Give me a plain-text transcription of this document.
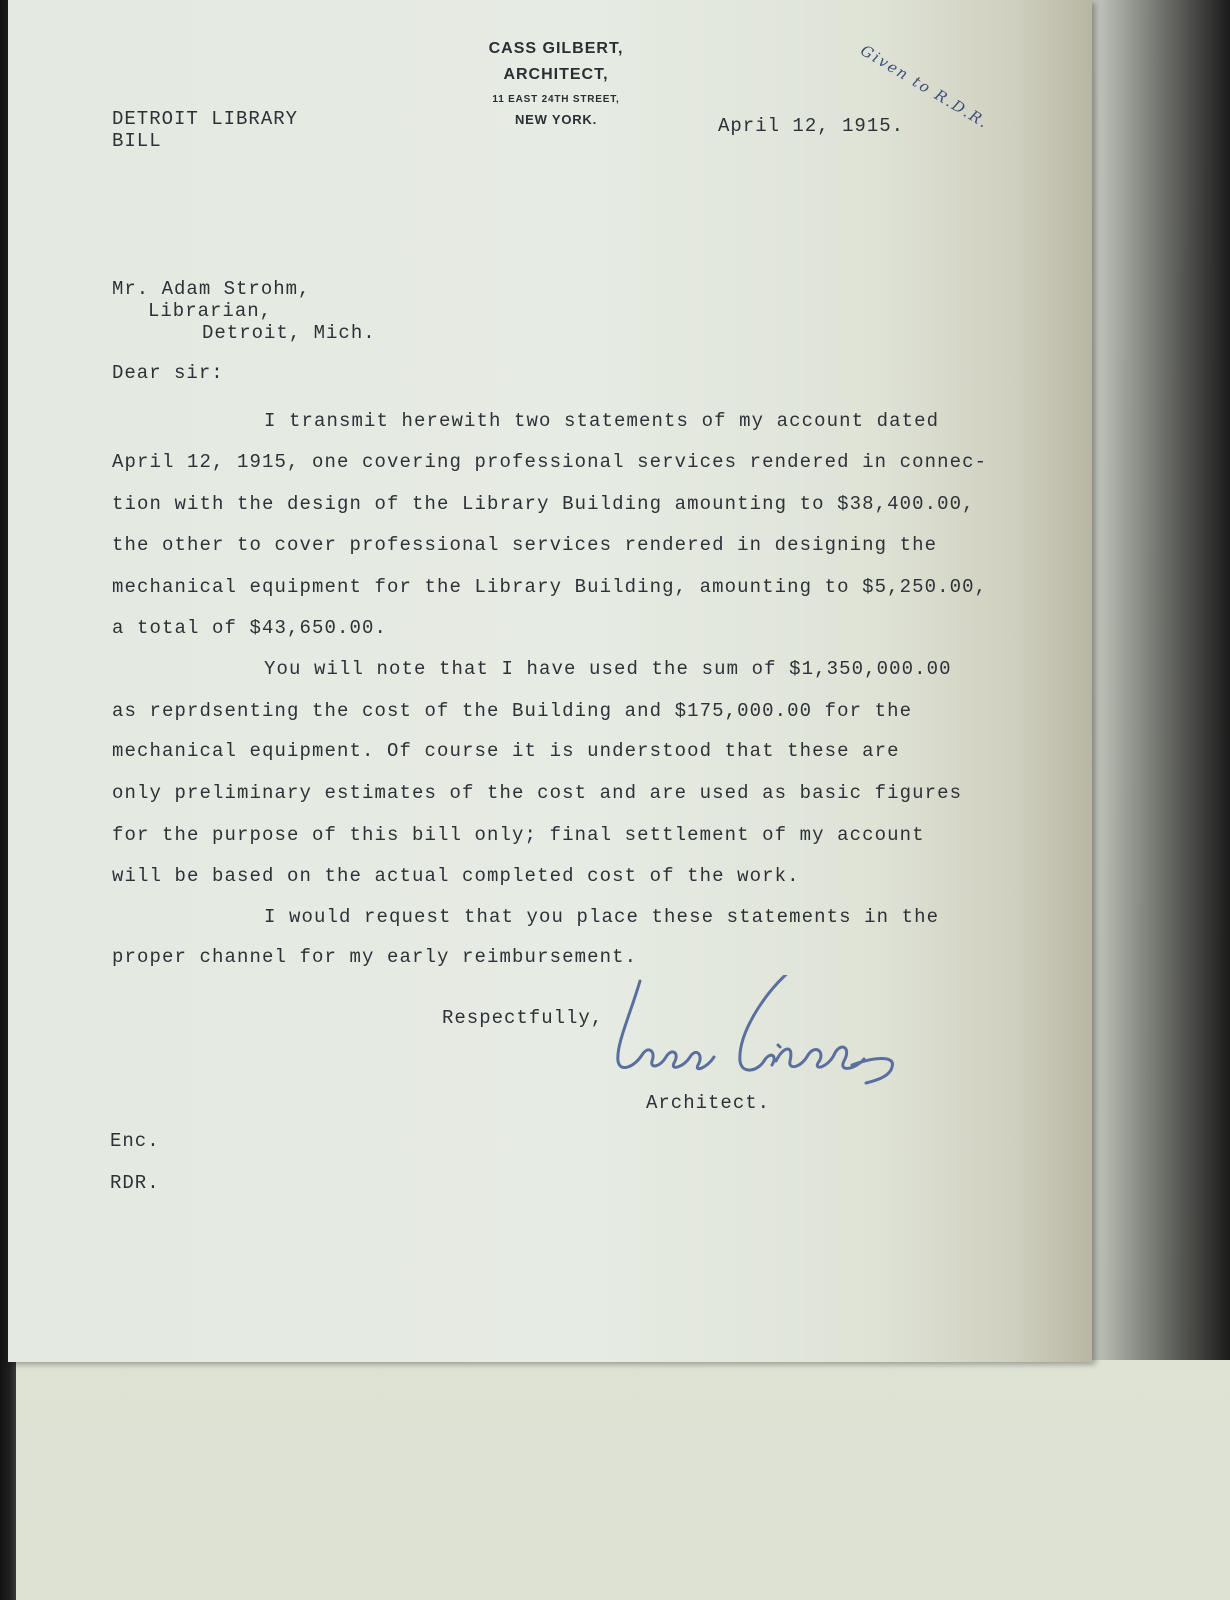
CASS GILBERT,

ARCHITECT,

11 EAST 24TH STREET,

NEW YORK.	Given to R.D.R.

DETROIT LIBRARY

BILL

April 12, 1915.

Mr. Adam Strohm,

Librarian,

Detroit, Mich.

Dear sir:

I transmit herewith two statements of my account dated

April 12, 1915, one covering professional services rendered in connec-

tion with the design of the Library Building amounting to $38,400.00,

the other to cover professional services rendered in designing the

mechanical equipment for the Library Building, amounting to $5,250.00,

a total of $43,650.00.

You will note that I have used the sum of $1,350,000.00

as reprdsenting the cost of the Building and $175,000.00 for the

mechanical equipment. Of course it is understood that these are

only preliminary estimates of the cost and are used as basic figures

for the purpose of this bill only; final settlement of my account

will be based on the actual completed cost of the work.

I would request that you place these statements in the

proper channel for my early reimbursement.

Respectfully,

Architect.

Enc.

RDR.
